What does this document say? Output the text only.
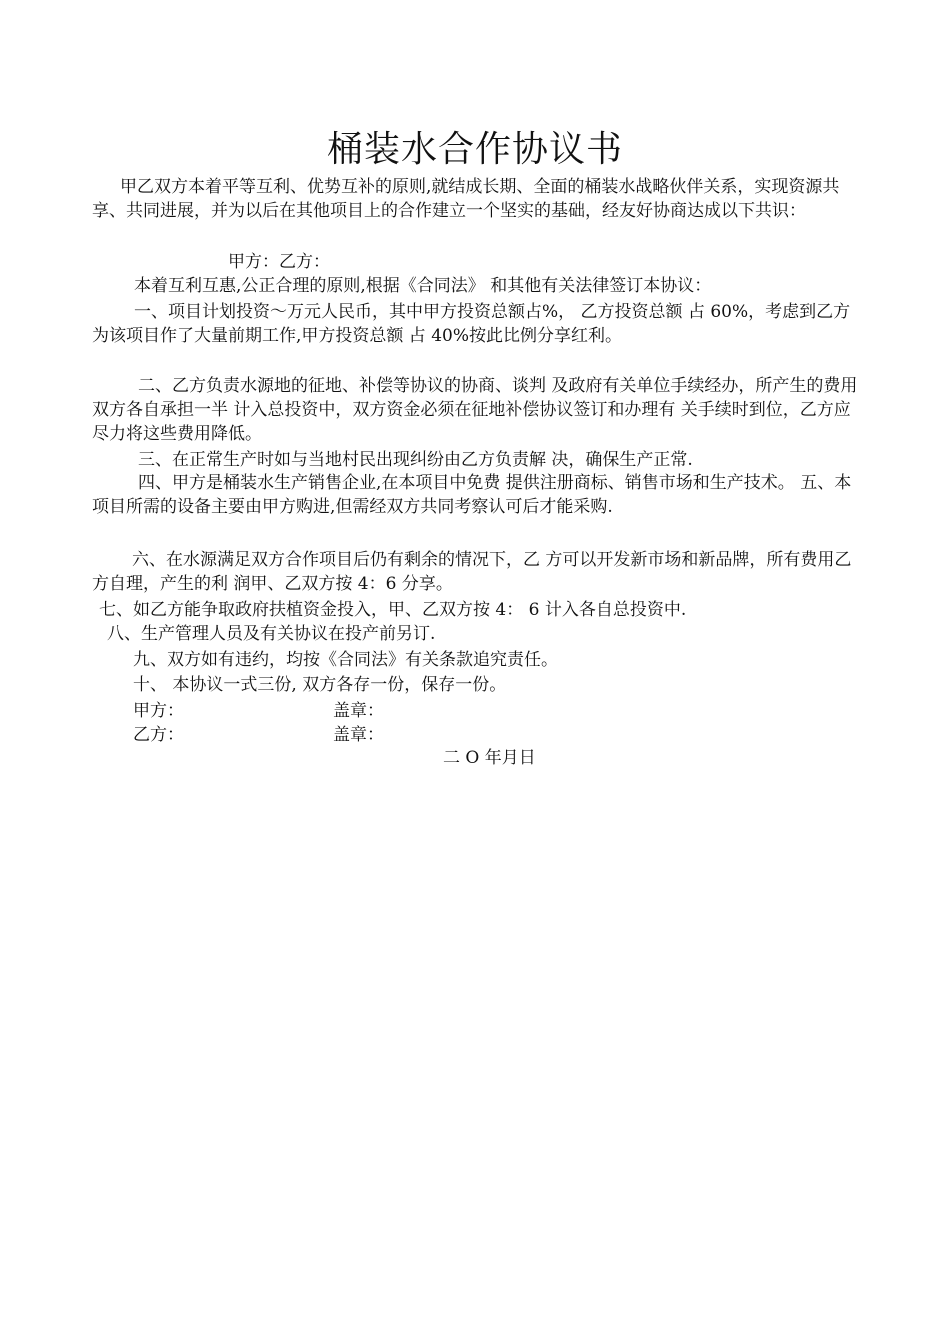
桶装水合作协议书
甲乙双方本着平等互利、优势互补的原则,就结成长期、全面的桶装水战略伙伴关系，实现资源共享、共同进展，并为以后在其他项目上的合作建立一个坚实的基础，经友好协商达成以下共识：
甲方：乙方：
本着互利互惠,公正合理的原则,根据《合同法》 和其他有关法律签订本协议：
一、项目计划投资～万元人民币，其中甲方投资总额占%， 乙方投资总额 占 60%，考虑到乙方为该项目作了大量前期工作,甲方投资总额 占 40%按此比例分享红利。
二、乙方负责水源地的征地、补偿等协议的协商、谈判 及政府有关单位手续经办，所产生的费用双方各自承担一半 计入总投资中，双方资金必须在征地补偿协议签订和办理有 关手续时到位，乙方应尽力将这些费用降低。
三、在正常生产时如与当地村民出现纠纷由乙方负责解 决，确保生产正常.
四、甲方是桶装水生产销售企业,在本项目中免费 提供注册商标、销售市场和生产技术。 五、本项目所需的设备主要由甲方购进,但需经双方共同考察认可后才能采购.
六、在水源满足双方合作项目后仍有剩余的情况下，乙 方可以开发新市场和新品牌，所有费用乙方自理，产生的利 润甲、乙双方按 4：6 分享。
七、如乙方能争取政府扶植资金投入，甲、乙双方按 4： 6 计入各自总投资中.
八、生产管理人员及有关协议在投产前另订.
九、双方如有违约，均按《合同法》有关条款追究责任。
十、 本协议一式三份, 双方各存一份，保存一份。
甲方：	盖章：
乙方：	盖章：
二 O 年月日
